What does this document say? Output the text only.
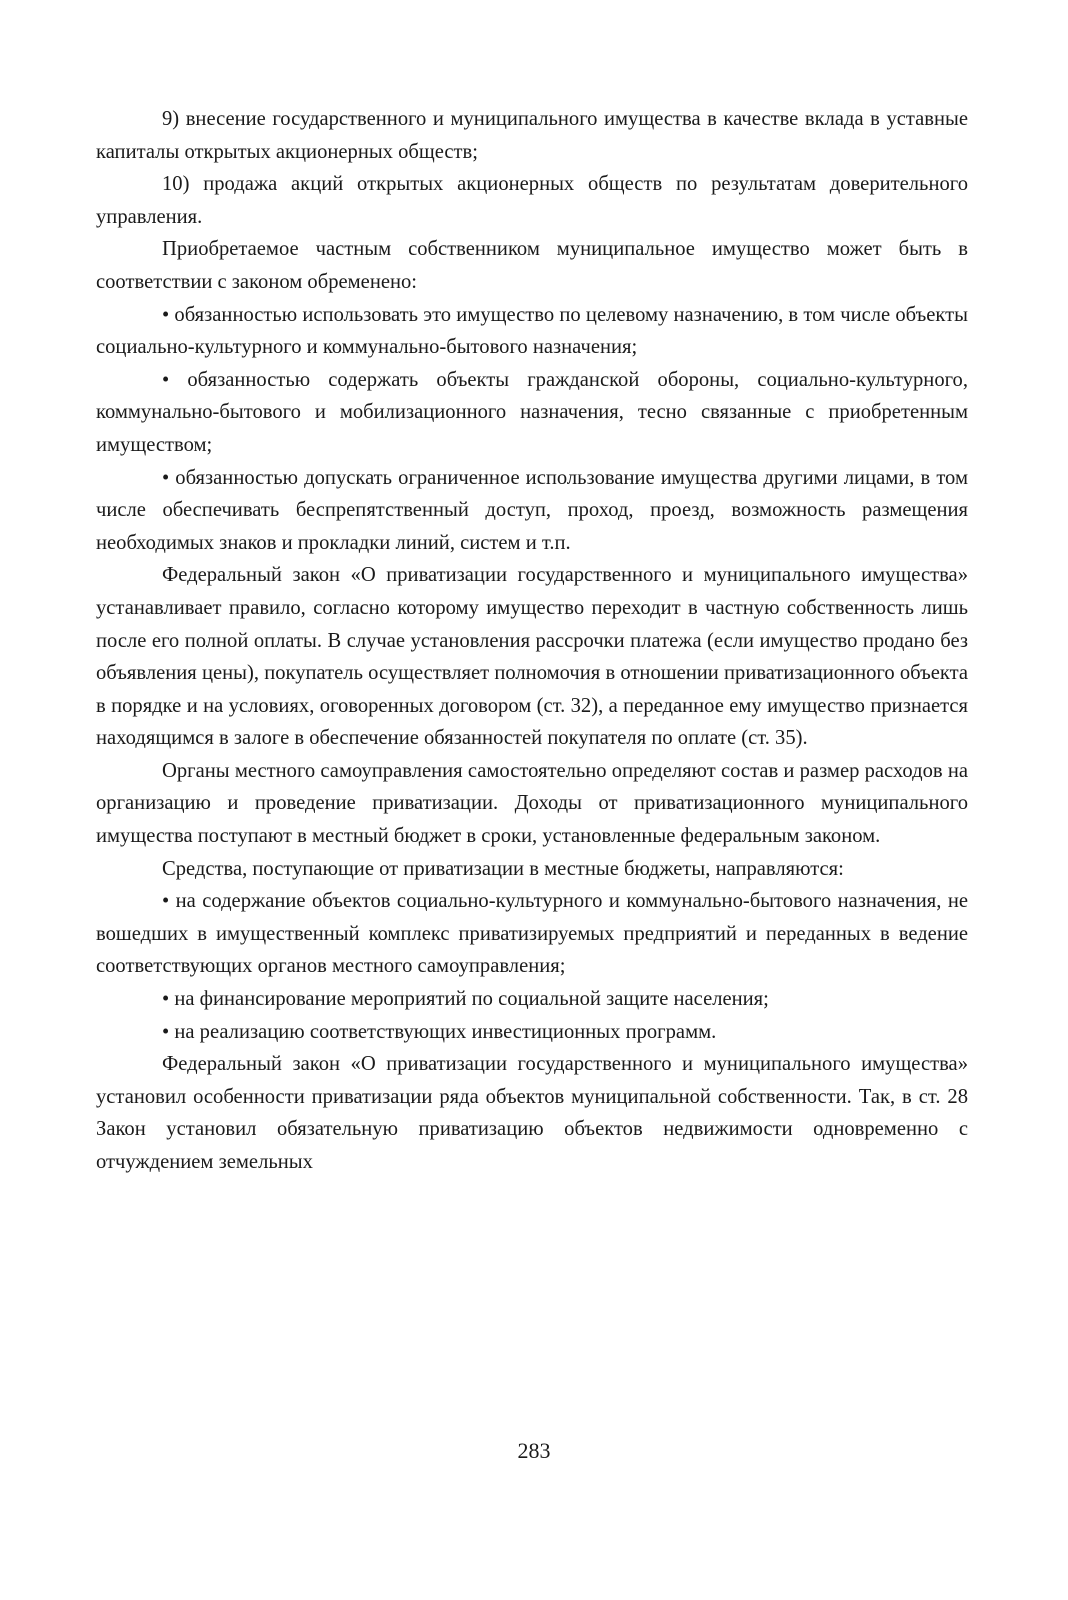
9) внесение государственного и муниципального имущества в качестве вклада в уставные капиталы открытых акционерных обществ;

10) продажа акций открытых акционерных обществ по результатам доверительного управления.

Приобретаемое частным собственником муниципальное имущество может быть в соответствии с законом обременено:

• обязанностью использовать это имущество по целевому назначению, в том числе объекты социально-культурного и коммунально-бытового назначения;

• обязанностью содержать объекты гражданской обороны, социально-культурного, коммунально-бытового и мобилизационного назначения, тесно связанные с приобретенным имуществом;

• обязанностью допускать ограниченное использование имущества другими лицами, в том числе обеспечивать беспрепятственный доступ, проход, проезд, возможность размещения необходимых знаков и прокладки линий, систем и т.п.

Федеральный закон «О приватизации государственного и муниципального имущества» устанавливает правило, согласно которому имущество переходит в частную собственность лишь после его полной оплаты. В случае установления рассрочки платежа (если имущество продано без объявления цены), покупатель осуществляет полномочия в отношении приватизационного объекта в порядке и на условиях, оговоренных договором (ст. 32), а переданное ему имущество признается находящимся в залоге в обеспечение обязанностей покупателя по оплате (ст. 35).

Органы местного самоуправления самостоятельно определяют состав и размер расходов на организацию и проведение приватизации. Доходы от приватизационного муниципального имущества поступают в местный бюджет в сроки, установленные федеральным законом.

Средства, поступающие от приватизации в местные бюджеты, направляются:

• на содержание объектов социально-культурного и коммунально-бытового назначения, не вошедших в имущественный комплекс приватизируемых предприятий и переданных в ведение соответствующих органов местного самоуправления;

• на финансирование мероприятий по социальной защите населения;

• на реализацию соответствующих инвестиционных программ.

Федеральный закон «О приватизации государственного и муниципального имущества» установил особенности приватизации ряда объектов муниципальной собственности. Так, в ст. 28 Закон установил обязательную приватизацию объектов недвижимости одновременно с отчуждением земельных

283
